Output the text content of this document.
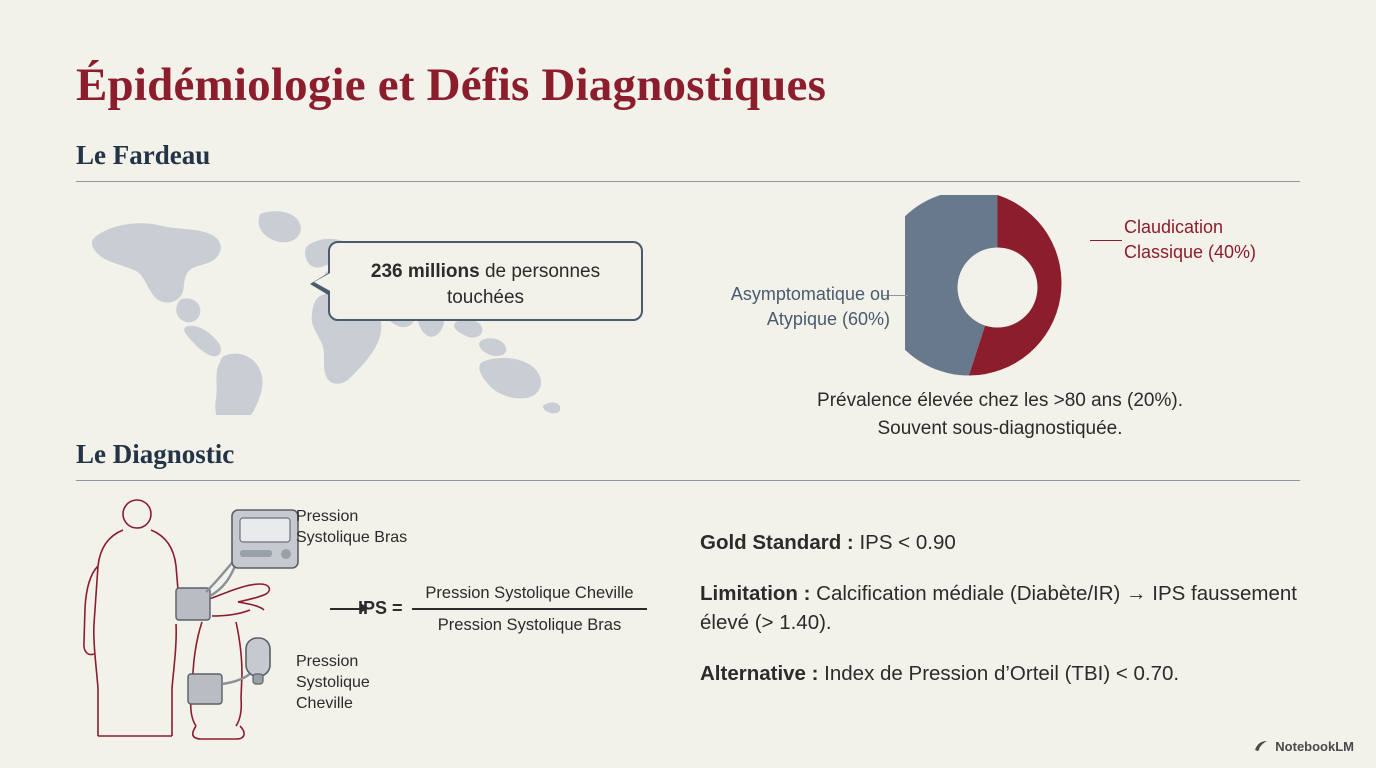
Épidémiologie et Défis Diagnostiques
Le Fardeau
236 millions de personnes touchées	Asymptomatique ou
Atypique (60%)
Claudication
Classique (40%)
Prévalence élevée chez les >80 ans (20%).
Souvent sous-diagnostiquée.
Le Diagnostic
Pression
Systolique Bras
Pression
Systolique
Cheville
IPS =
Pression Systolique Cheville
Pression Systolique Bras
Gold Standard : IPS < 0.90
Limitation : Calcification médiale (Diabète/IR) → IPS faussement élevé (> 1.40).
Alternative : Index de Pression d’Orteil (TBI) < 0.70.
NotebookLM
